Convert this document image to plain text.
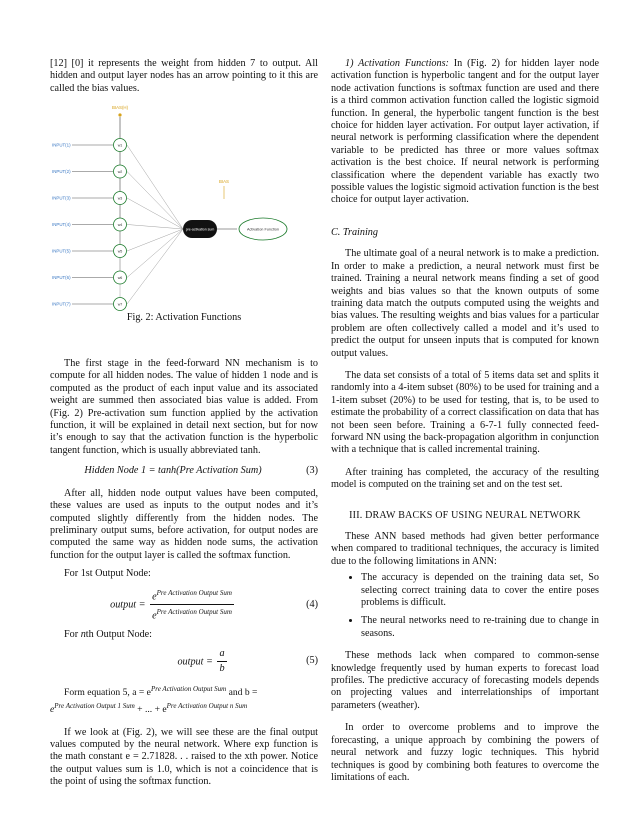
[12] [0] it represents the weight from hidden 7 to output. All hidden and output layer nodes has an arrow pointing to it this are called the bias values.

BIAS(H)
INPUT(1)	w1
INPUT(2)	w2
INPUT(3)	w3
INPUT(4)	w4
INPUT(5)	w5
INPUT(6)	w6
INPUT(7)	w7
BIAS
pre-activation sum	Activation Function
Fig. 2: Activation Functions

The first stage in the feed-forward NN mechanism is to compute for all hidden nodes. The value of hidden 1 node and is computed as the product of each input value and its associated weight are summed then associated bias value is added. From (Fig. 2) Pre-activation sum function applied by the activation function, it will be explained in detail next section, but for now it’s enough to say that the activation function is the hyperbolic tangent function, which is usually abbreviated tanh.

Hidden Node 1 = tanh(Pre Activation Sum)	(3)

After all, hidden node output values have been computed, these values are used as inputs to the output nodes and it’s computed slightly differently from the hidden nodes. The preliminary output sums, before activation, for output nodes are computed the same way as hidden node sums, the activation function for the output layer is called the softmax function.

For 1st Output Node:

output = $\frac{e^{Pre Activation Output Sum}}{e^{Pre Activation Output Sum}}$	(4)

For nth Output Node:

output = $\frac{a}{b}$	(5)

Form equation 5, $a = e^{Pre Activation Output Sum}$ and b =
$e^{Pre Activation Output 1 Sum}$ + ... + $e^{Pre Activation Output n Sum}$

If we look at (Fig. 2), we will see these are the final output values computed by the neural network. Where exp function is the math constant e = 2.71828. . . raised to the xth power. Notice the output values sum is 1.0, which is not a coincidence that is the point of using the softmax function.

1) Activation Functions: In (Fig. 2) for hidden layer node activation function is hyperbolic tangent and for the output layer node activation functions is softmax function are used and there is a third common activation function called the logistic sigmoid function. In general, the hyperbolic tangent function is the best choice for hidden layer activation. For output layer activation, if neural network is performing classification where the dependent variable to be predicted has three or more values softmax activation is the best choice. If neural network is performing classification where the dependent variable has exactly two possible values the logistic sigmoid activation function is the best choice for output layer activation.

C. Training

The ultimate goal of a neural network is to make a prediction. In order to make a prediction, a neural network must first be trained. Training a neural network means finding a set of good weights and bias values so that the known outputs of some training data match the outputs computed using the weights and bias values. The resulting weights and bias values for a particular problem are often collectively called a model and it’s used to predict the output for unseen inputs that is computed for known output values.

The data set consists of a total of 5 items data set and splits it randomly into a 4-item subset (80%) to be used for training and a 1-item subset (20%) to be used for testing, that is, to be used to estimate the probability of a correct classification on data that has not been seen before. Training a 6-7-1 fully connected feed-forward NN using the back-propagation algorithm in conjunction with a technique that is called incremental training.

After training has completed, the accuracy of the resulting model is computed on the training set and on the test set.

III. DRAW BACKS OF USING NEURAL NETWORK

These ANN based methods had given better performance when compared to traditional techniques, the accuracy is limited due to the following limitations in ANN:

• The accuracy is depended on the training data set, So selecting correct training data to cover the entire poses problems is difficult.
• The neural networks need to re-training due to change in seasons.

These methods lack when compared to common-sense knowledge frequently used by human experts to forecast load profiles. The predictive accuracy of forecasting models depends on projecting values and interrelationships of important parameters (weather).

In order to overcome problems and to improve the forecasting, a unique approach by combining the powers of neural network and fuzzy logic techniques. This hybrid techniques is good by combining both features to overcome the limitations of each.
